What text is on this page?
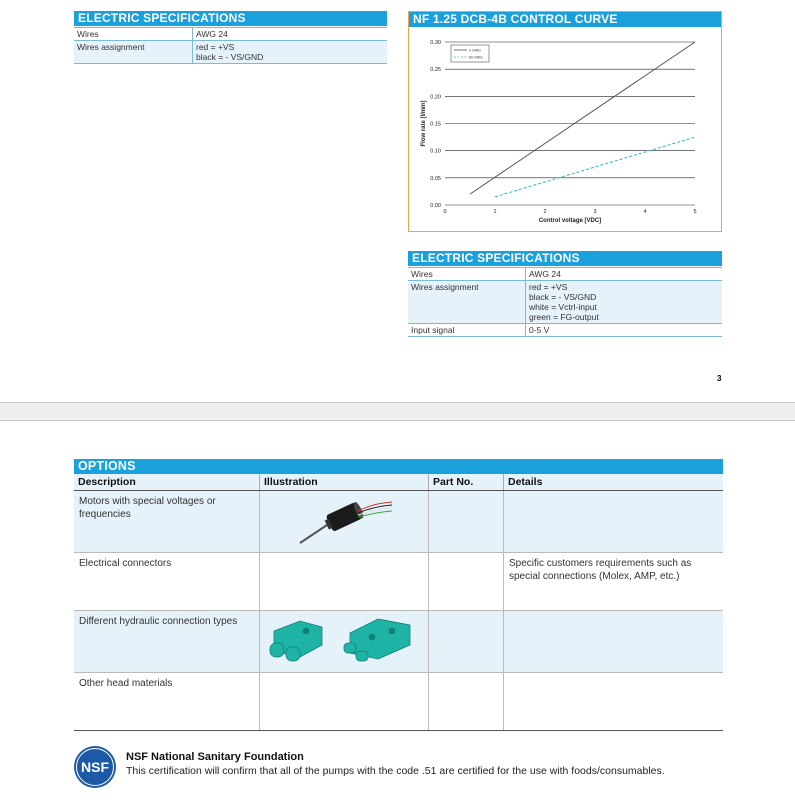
ELECTRIC SPECIFICATIONS
Wires	AWG 24

Wires assignment	red = +VS
black = - VS/GND
NF 1.25 DCB-4B CONTROL CURVE
0.00
0.05
0.10
0.15
0.20
0.25
0.30
0	1	2	3	4	5
Control voltage [VDC]
Flow rate [l/min]
0 mWG
60 mWG
ELECTRIC SPECIFICATIONS
Wires	AWG 24

Wires assignment	red = +VS
black = - VS/GND
white = Vctrl-input
green = FG-output

Input signal	0-5 V
3
OPTIONS
Description	Illustration	Part No.	Details
Motors with special voltages or frequencies			
Electrical connectors			Specific customers requirements such as special connections (Molex, AMP, etc.)
Different hydraulic connection types			
Other head materials			
NSF
NSF National Sanitary Foundation
This certification will confirm that all of the pumps with the code .51 are certified for the use with foods/consumables.
